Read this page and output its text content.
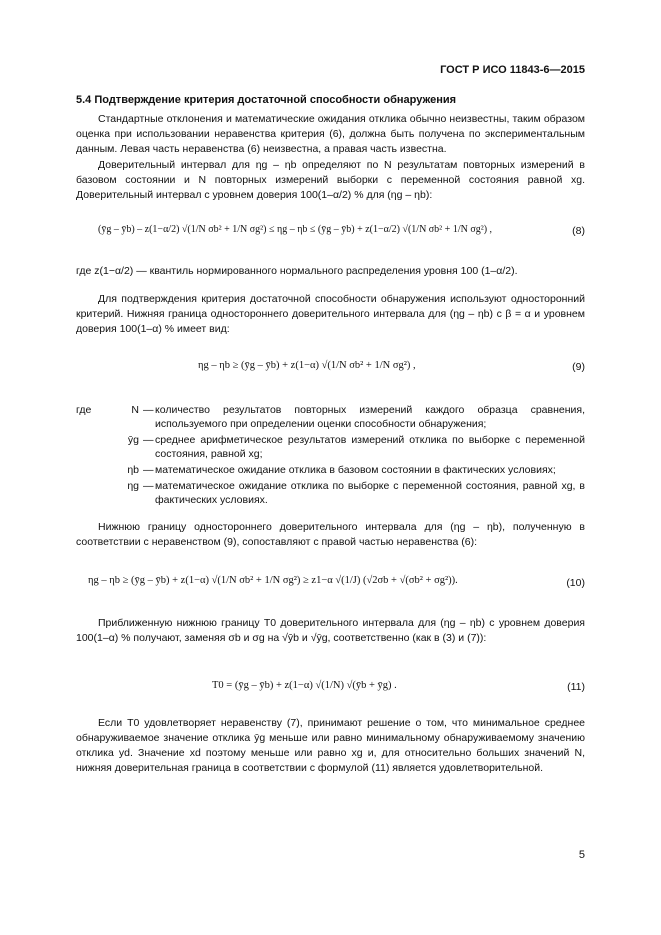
ГОСТ Р ИСО 11843-6—2015
5.4 Подтверждение критерия достаточной способности обнаружения

Стандартные отклонения и математические ожидания отклика обычно неизвестны, таким образом оценка при использовании неравенства критерия (6), должна быть получена по экспериментальным данным. Левая часть неравенства (6) неизвестна, а правая часть известна.

Доверительный интервал для ηg – ηb определяют по N результатам повторных измерений в базовом состоянии и N повторных измерений выборки с переменной состояния равной xg. Доверительный интервал с уровнем доверия 100(1–α/2) % для (ηg – ηb):

(ȳg – ȳb) – z(1−α/2) √(1/N σb² + 1/N σg²) ≤ ηg – ηb ≤ (ȳg – ȳb) + z(1−α/2) √(1/N σb² + 1/N σg²) ,	(8)

где z(1−α/2) — квантиль нормированного нормального распределения уровня 100 (1–α/2).

Для подтверждения критерия достаточной способности обнаружения используют односторонний критерий. Нижняя граница одностороннего доверительного интервала для (ηg – ηb) с β = α и уровнем доверия 100(1–α) % имеет вид:

ηg – ηb ≥ (ȳg – ȳb) + z(1−α) √(1/N σb² + 1/N σg²) ,	(9)
где	N — количество результатов повторных измерений каждого образца сравнения, используемого при определении оценки способности обнаружения;
ȳg — среднее арифметическое результатов измерений отклика по выборке с переменной состояния, равной xg;
ηb — математическое ожидание отклика в базовом состоянии в фактических условиях;
ηg — математическое ожидание отклика по выборке с переменной состояния, равной xg, в фактических условиях.

Нижнюю границу одностороннего доверительного интервала для (ηg – ηb), полученную в соответствии с неравенством (9), сопоставляют с правой частью неравенства (6):

ηg – ηb ≥ (ȳg – ȳb) + z(1−α) √(1/N σb² + 1/N σg²) ≥ z1−α √(1/J) (√2σb + √(σb² + σg²)).	(10)

Приближенную нижнюю границу T0 доверительного интервала для (ηg – ηb) с уровнем доверия 100(1–α) % получают, заменяя σb и σg на √ȳb и √ȳg, соответственно (как в (3) и (7)):

T0 = (ȳg – ȳb) + z(1−α) √(1/N) √(ȳb + ȳg) .	(11)

Если T0 удовлетворяет неравенству (7), принимают решение о том, что минимальное среднее обнаруживаемое значение отклика ȳg меньше или равно минимальному обнаруживаемому значению отклика yd. Значение xd поэтому меньше или равно xg и, для относительно больших значений N, нижняя доверительная граница в соответствии с формулой (11) является удовлетворительной.

5
